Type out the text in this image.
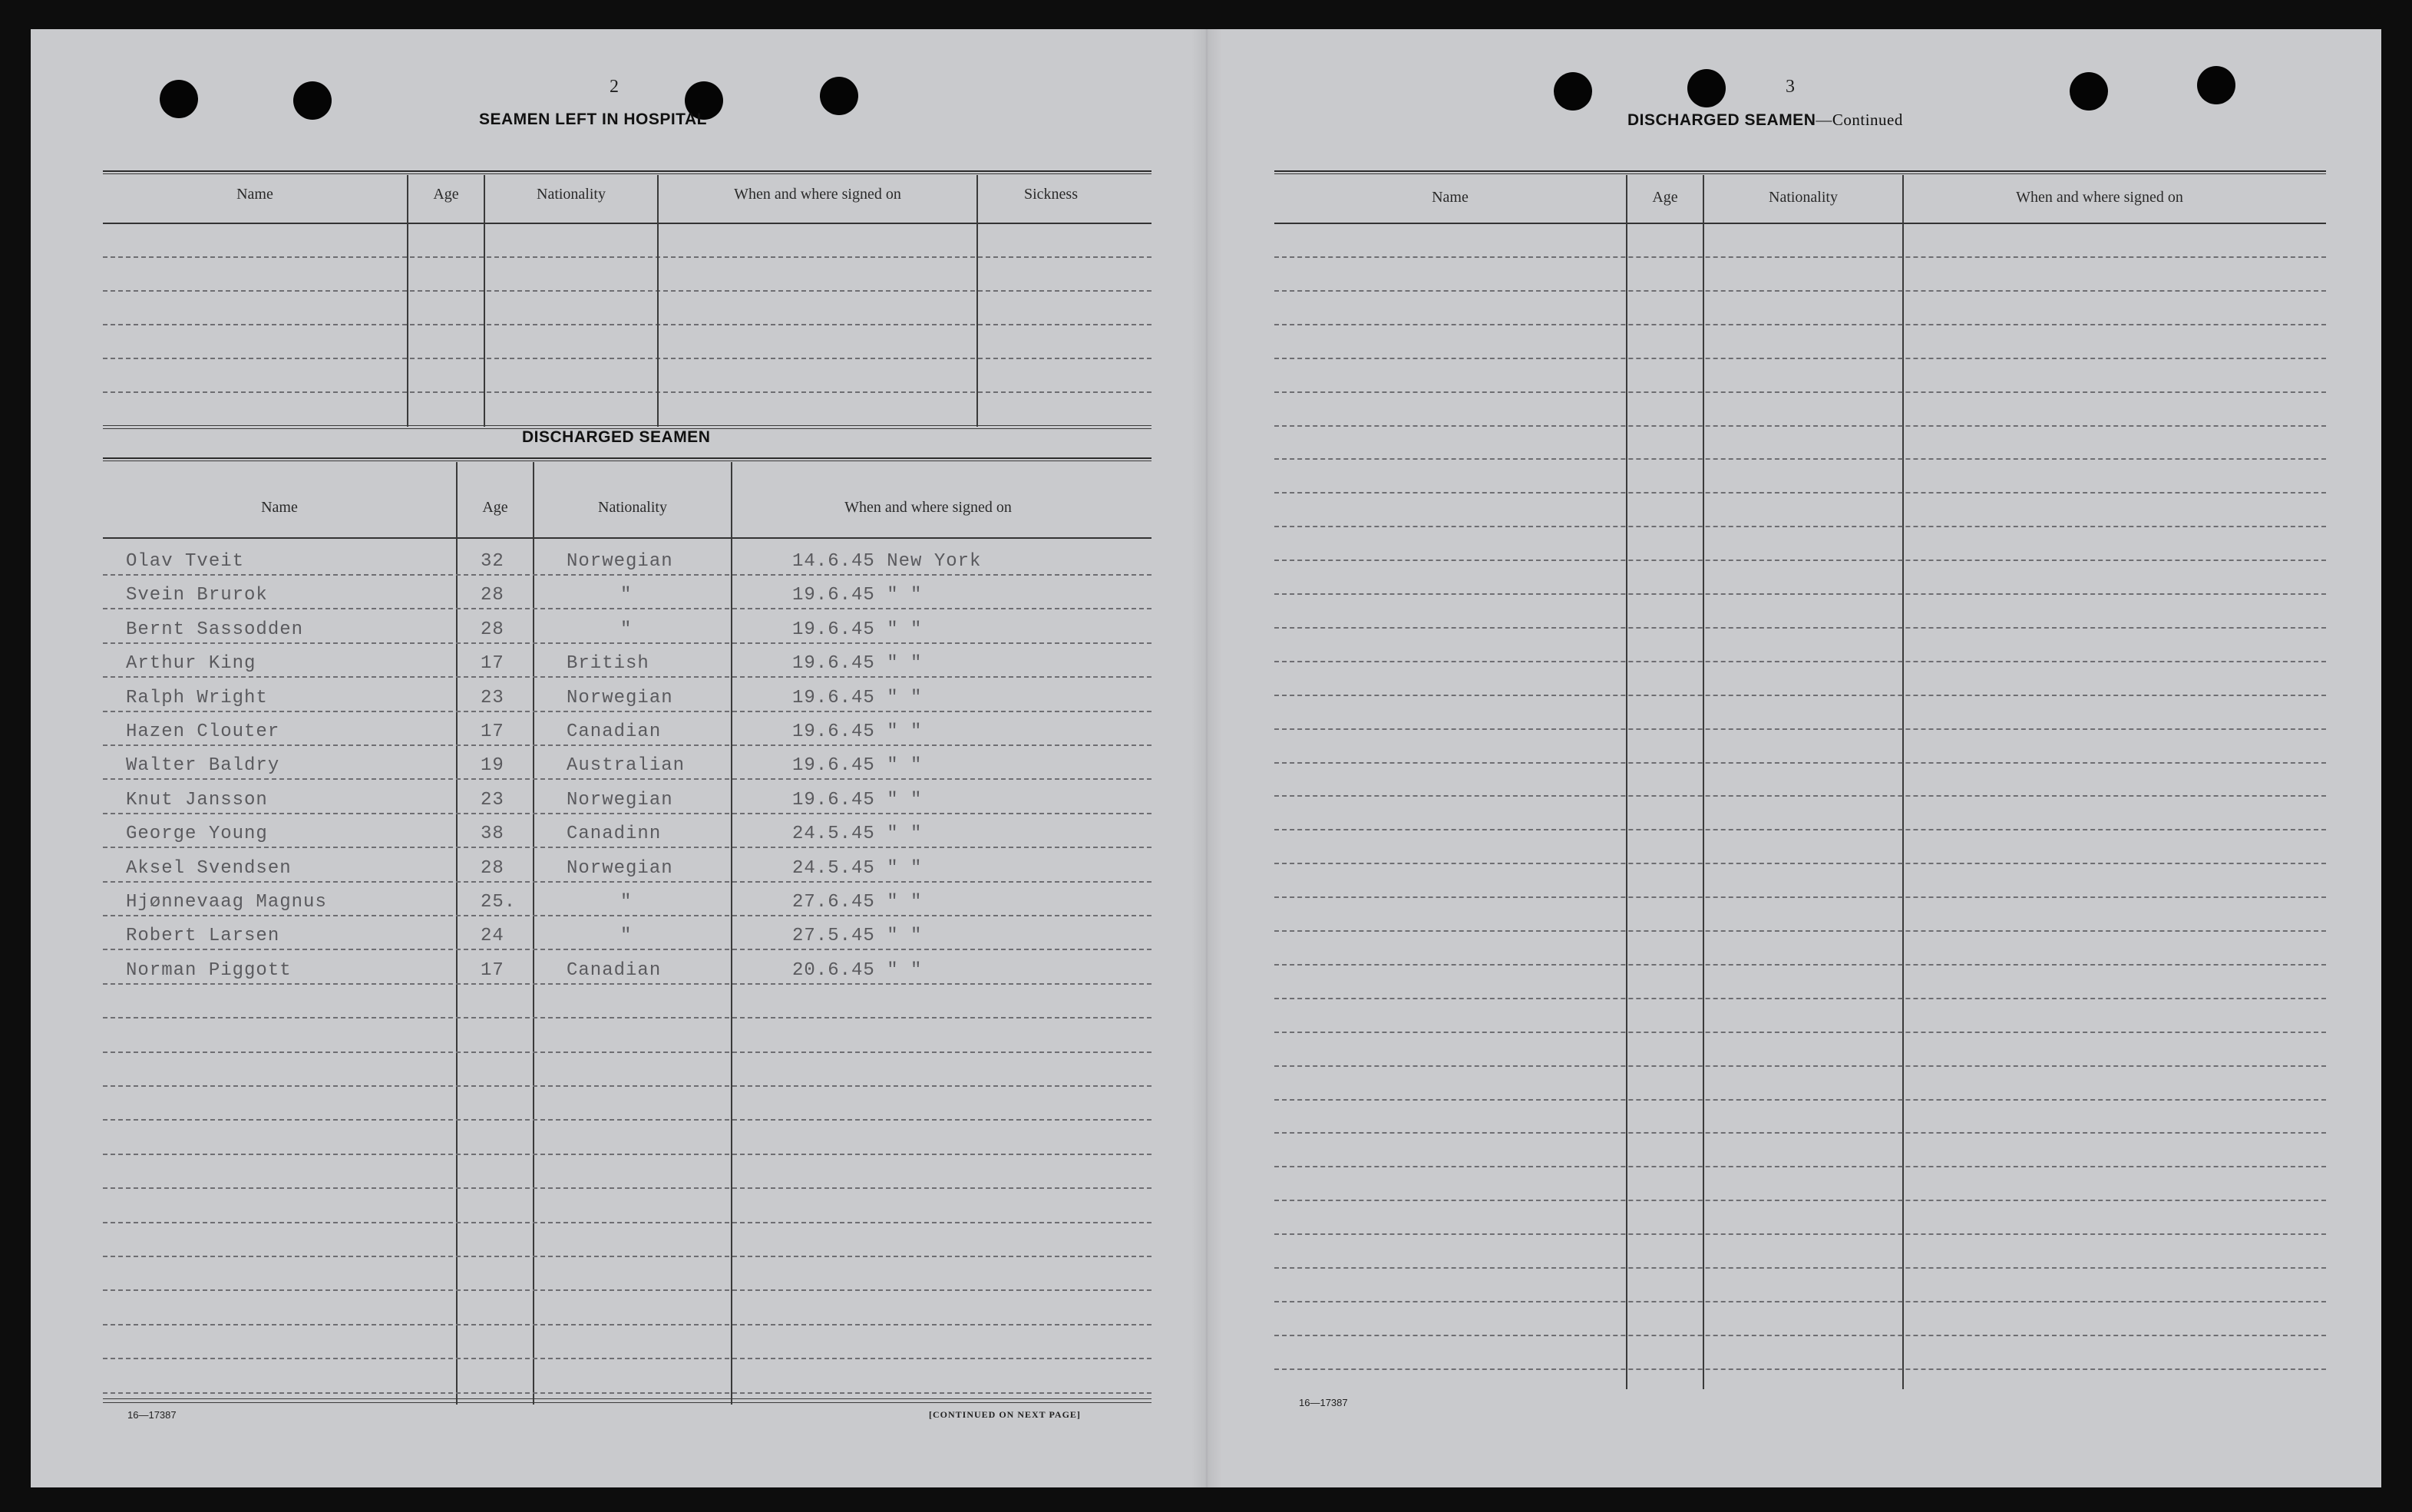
2
SEAMEN LEFT IN HOSPITAL
Name	Age	Nationality	When and where signed on	Sickness
DISCHARGED SEAMEN
Name	Age	Nationality	When and where signed on
Olav Tveit	32	Norwegian	14.6.45 New York
Svein Brurok	28	"	19.6.45 " "
Bernt Sassodden	28	"	19.6.45 " "
Arthur King	17	British	19.6.45 " "
Ralph Wright	23	Norwegian	19.6.45 " "
Hazen Clouter	17	Canadian	19.6.45 " "
Walter Baldry	19	Australian	19.6.45 " "
Knut Jansson	23	Norwegian	19.6.45 " "
George Young	38	Canadinn	24.5.45 " "
Aksel Svendsen	28	Norwegian	24.5.45 " "
Hjønnevaag Magnus	25.	"	27.6.45 " "
Robert Larsen	24	"	27.5.45 " "
Norman Piggott	17	Canadian	20.6.45 " "
16—17387	[CONTINUED ON NEXT PAGE]
3
DISCHARGED SEAMEN—Continued
Name	Age	Nationality	When and where signed on
16—17387
